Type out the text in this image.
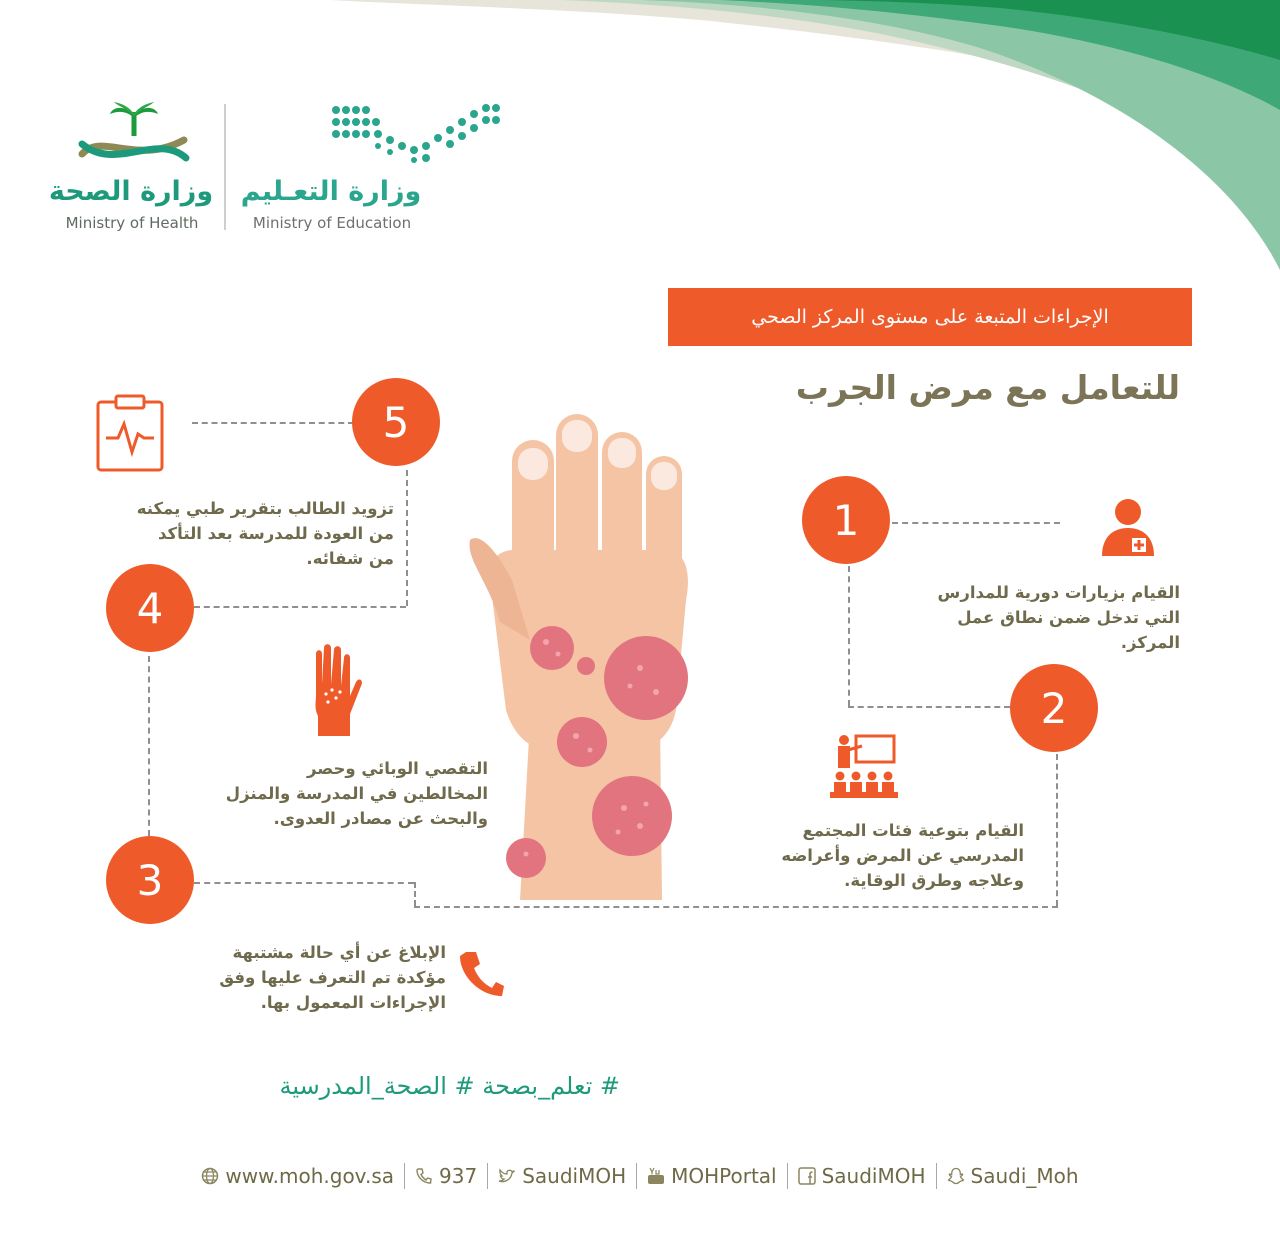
وزارة الصحة
Ministry of Health
وزارة التعـليم
Ministry of Education
الإجراءات المتبعة على مستوى المركز الصحي
للتعامل مع مرض الجرب
5
1
4
2
3
تزويد الطالب بتقرير طبي يمكنه
من العودة للمدرسة بعد التأكد
من شفائه.
القيام بزيارات دورية للمدارس
التي تدخل ضمن نطاق عمل
المركز.
التقصي الوبائي وحصر
المخالطين في المدرسة والمنزل
والبحث عن مصادر العدوى.
القيام بتوعية فئات المجتمع
المدرسي عن المرض وأعراضه
وعلاجه وطرق الوقاية.
الإبلاغ عن أي حالة مشتبهة
مؤكدة تم التعرف عليها وفق
الإجراءات المعمول بها.
# تعلم_بصحة # الصحة_المدرسية
www.moh.gov.sa 937 SaudiMOH MOHPortal SaudiMOH Saudi_Moh
